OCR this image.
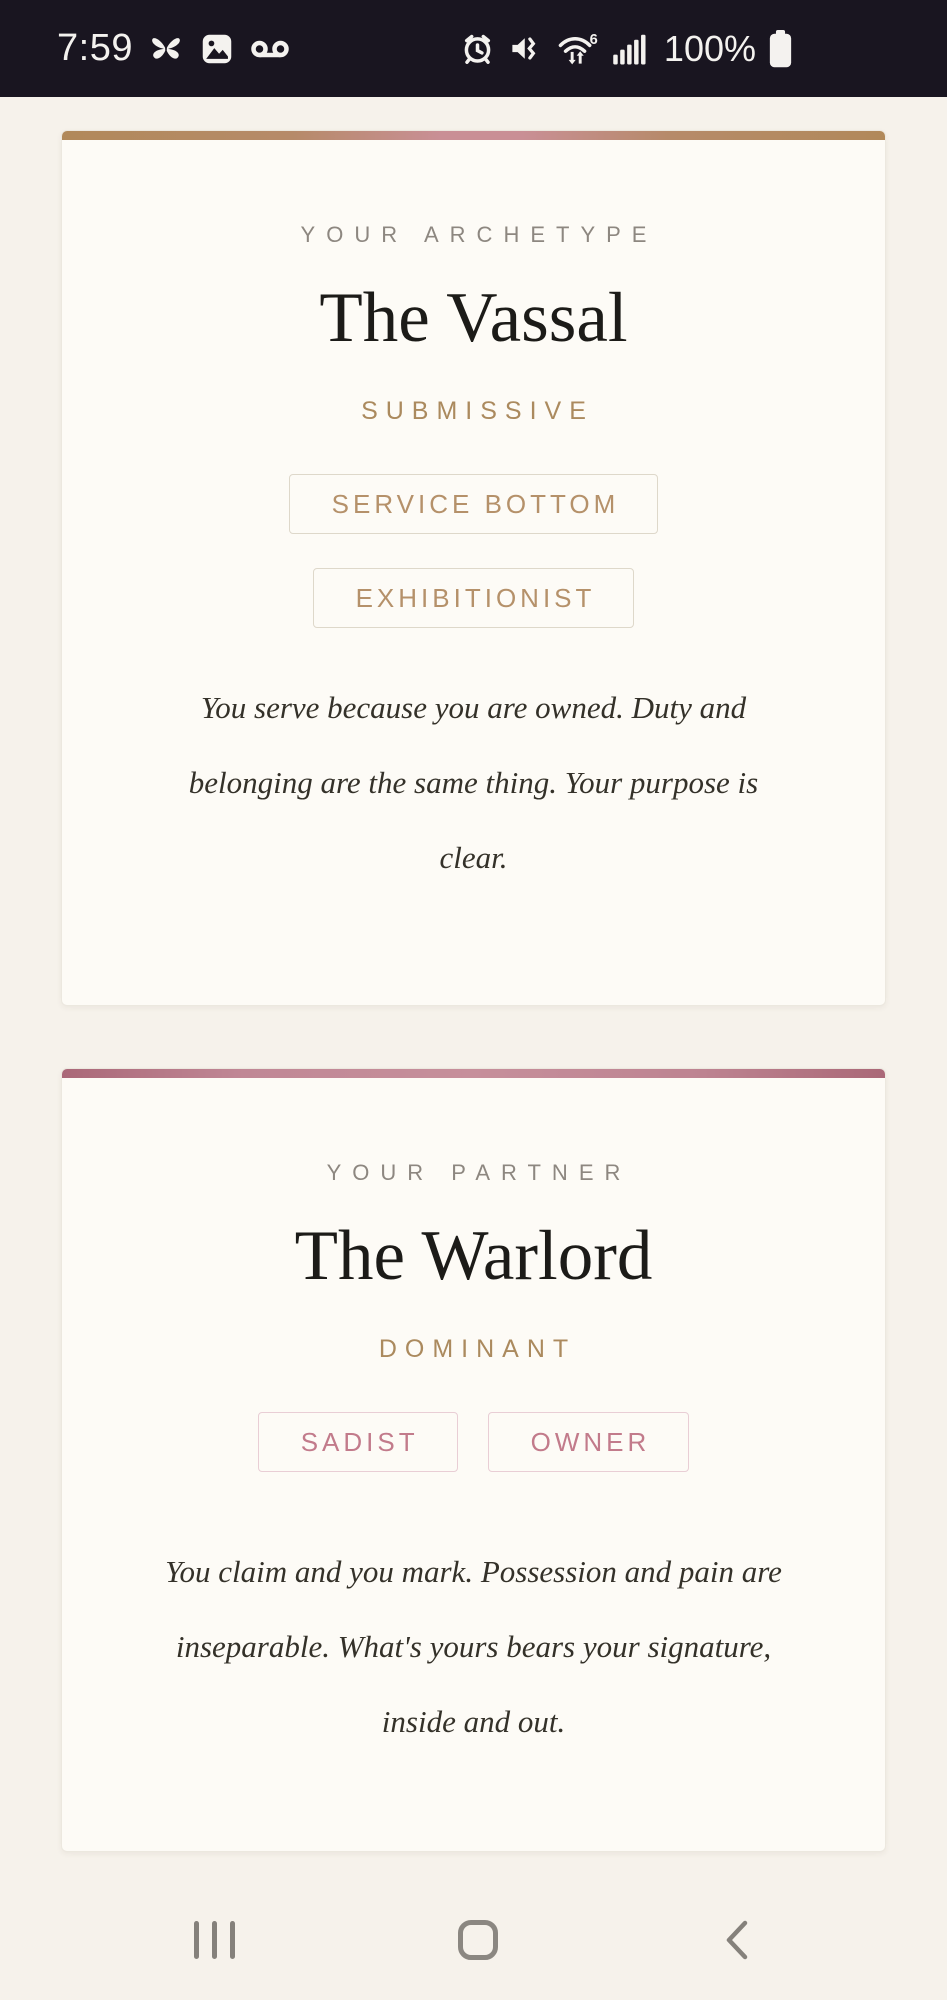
7:59	6 100%
YOUR ARCHETYPE
The Vassal
SUBMISSIVE
SERVICE BOTTOM
EXHIBITIONIST

You serve because you are owned. Duty and belonging are the same thing. Your purpose is clear.

YOUR PARTNER
The Warlord
DOMINANT
SADIST	OWNER

You claim and you mark. Possession and pain are inseparable. What's yours bears your signature, inside and out.
